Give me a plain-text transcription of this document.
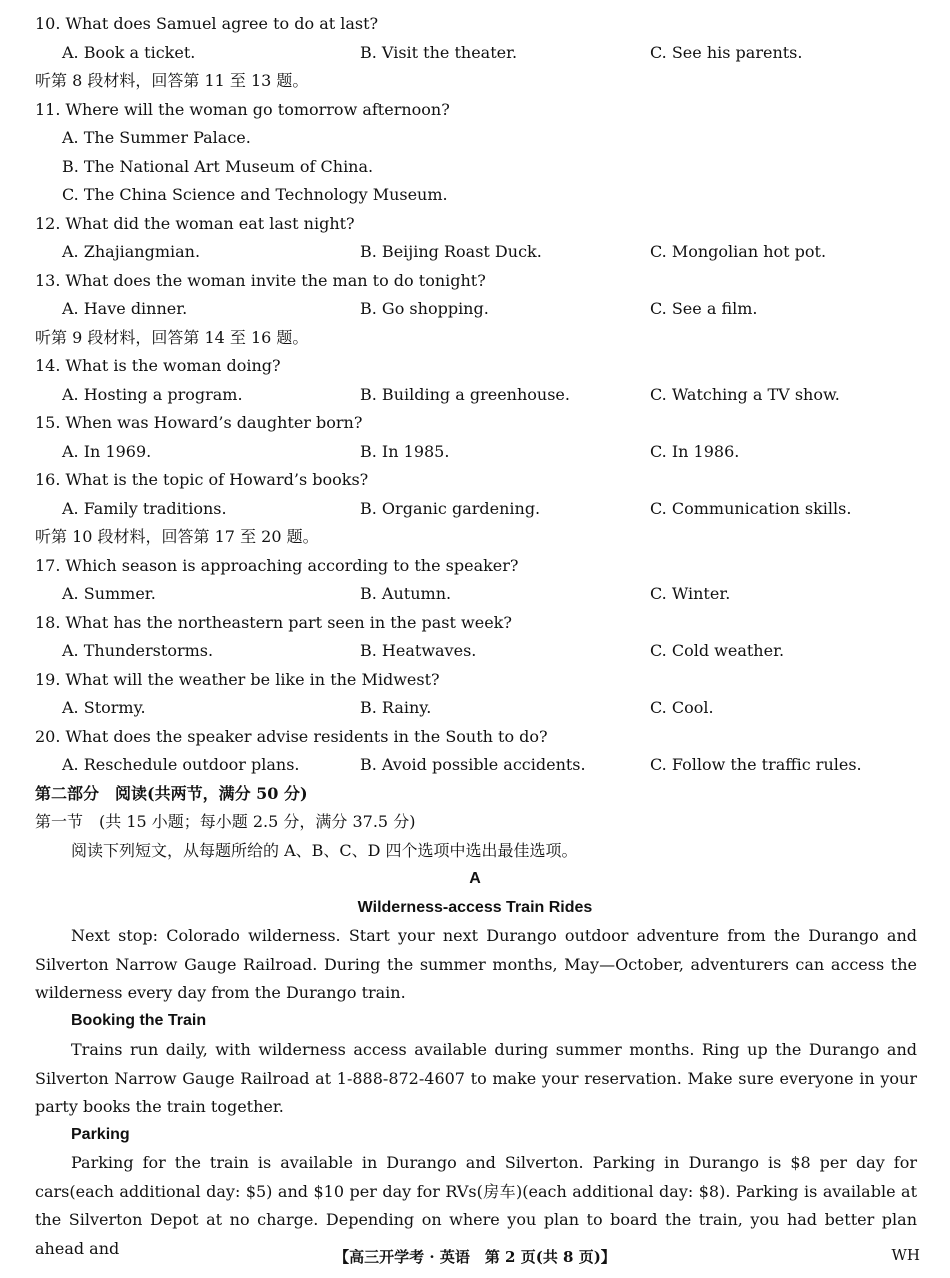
10. What does Samuel agree to do at last?
A. Book a ticket.	B. Visit the theater.	C. See his parents.
听第 8 段材料，回答第 11 至 13 题。
11. Where will the woman go tomorrow afternoon?
A. The Summer Palace.
B. The National Art Museum of China.
C. The China Science and Technology Museum.
12. What did the woman eat last night?
A. Zhajiangmian.	B. Beijing Roast Duck.	C. Mongolian hot pot.
13. What does the woman invite the man to do tonight?
A. Have dinner.	B. Go shopping.	C. See a film.
听第 9 段材料，回答第 14 至 16 题。
14. What is the woman doing?
A. Hosting a program.	B. Building a greenhouse.	C. Watching a TV show.
15. When was Howard’s daughter born?
A. In 1969.	B. In 1985.	C. In 1986.
16. What is the topic of Howard’s books?
A. Family traditions.	B. Organic gardening.	C. Communication skills.
听第 10 段材料，回答第 17 至 20 题。
17. Which season is approaching according to the speaker?
A. Summer.	B. Autumn.	C. Winter.
18. What has the northeastern part seen in the past week?
A. Thunderstorms.	B. Heatwaves.	C. Cold weather.
19. What will the weather be like in the Midwest?
A. Stormy.	B. Rainy.	C. Cool.
20. What does the speaker advise residents in the South to do?
A. Reschedule outdoor plans.	B. Avoid possible accidents.	C. Follow the traffic rules.
第二部分　阅读(共两节，满分 50 分)
第一节　(共 15 小题；每小题 2.5 分，满分 37.5 分)
阅读下列短文，从每题所给的 A、B、C、D 四个选项中选出最佳选项。
A
Wilderness-access Train Rides
Next stop: Colorado wilderness. Start your next Durango outdoor adventure from the Durango and Silverton Narrow Gauge Railroad. During the summer months, May—October, adventurers can access the wilderness every day from the Durango train.
Booking the Train
Trains run daily, with wilderness access available during summer months. Ring up the Durango and Silverton Narrow Gauge Railroad at 1-888-872-4607 to make your reservation. Make sure everyone in your party books the train together.
Parking
Parking for the train is available in Durango and Silverton. Parking in Durango is $8 per day for cars(each additional day: $5) and $10 per day for RVs(房车)(each additional day: $8). Parking is available at the Silverton Depot at no charge. Depending on where you plan to board the train, you had better plan ahead and	【高三开学考 · 英语　第 2 页(共 8 页)】	WH
